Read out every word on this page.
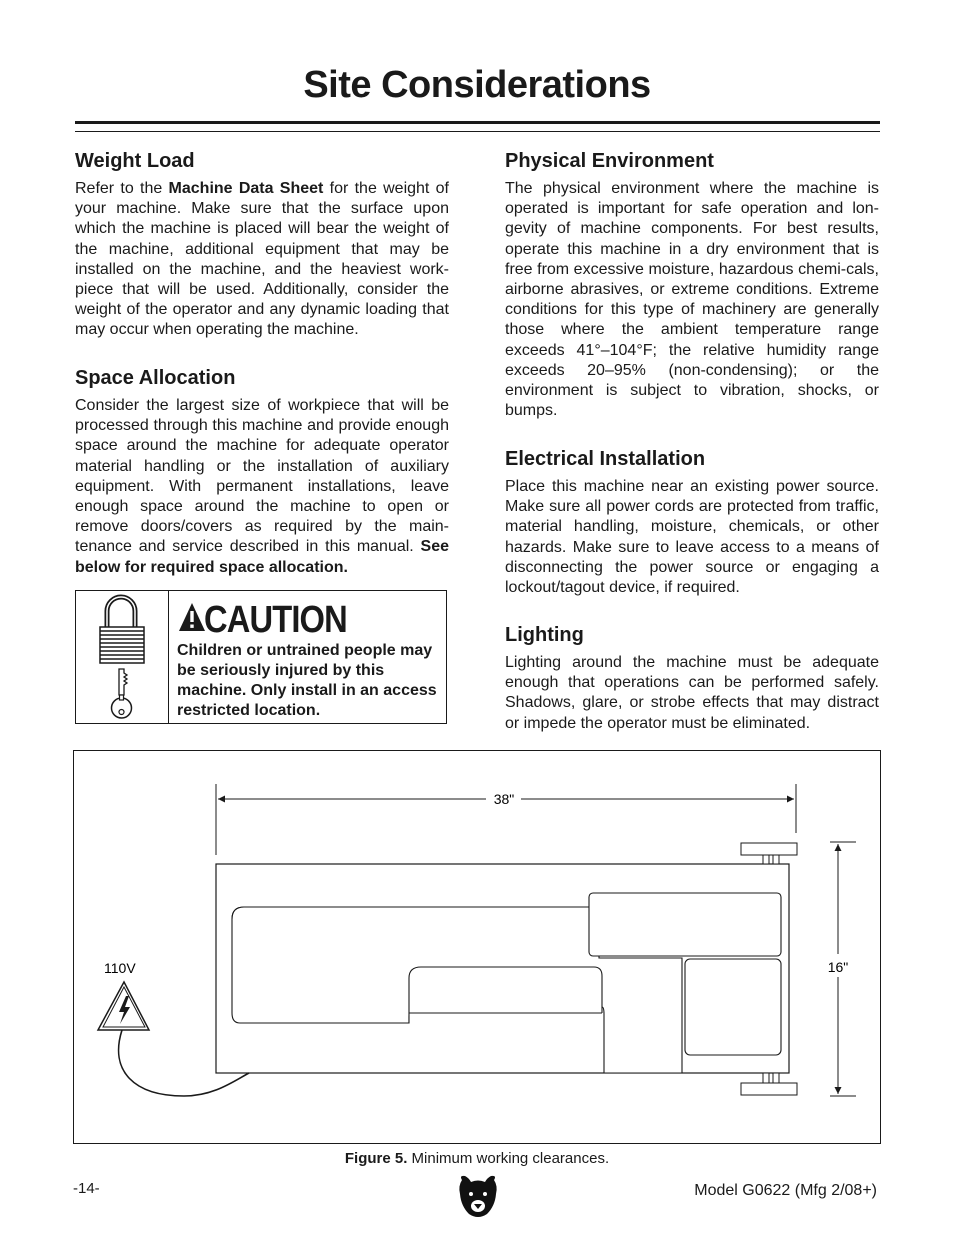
Site Considerations
Weight Load

Refer to the Machine Data Sheet for the weight of your machine. Make sure that the surface upon which the machine is placed will bear the weight of the machine, additional equipment that may be installed on the machine, and the heaviest work-piece that will be used. Additionally, consider the weight of the operator and any dynamic loading that may occur when operating the machine.

Space Allocation

Consider the largest size of workpiece that will be processed through this machine and provide enough space around the machine for adequate operator material handling or the installation of auxiliary equipment. With permanent installations, leave enough space around the machine to open or remove doors/covers as required by the main-tenance and service described in this manual. See below for required space allocation.

CAUTION
Children or untrained people may be seriously injured by this machine. Only install in an access restricted location.
Physical Environment

The physical environment where the machine is operated is important for safe operation and lon-gevity of machine components. For best results, operate this machine in a dry environment that is free from excessive moisture, hazardous chemi-cals, airborne abrasives, or extreme conditions. Extreme conditions for this type of machinery are generally those where the ambient temperature range exceeds 41°–104°F; the relative humidity range exceeds 20–95% (non-condensing); or the environment is subject to vibration, shocks, or bumps.

Electrical Installation

Place this machine near an existing power source. Make sure all power cords are protected from traffic, material handling, moisture, chemicals, or other hazards. Make sure to leave access to a means of disconnecting the power source or engaging a lockout/tagout device, if required.

Lighting

Lighting around the machine must be adequate enough that operations can be performed safely. Shadows, glare, or strobe effects that may distract or impede the operator must be eliminated.

38"
16"
110V
Figure 5. Minimum working clearances.
-14-	Model G0622 (Mfg 2/08+)
